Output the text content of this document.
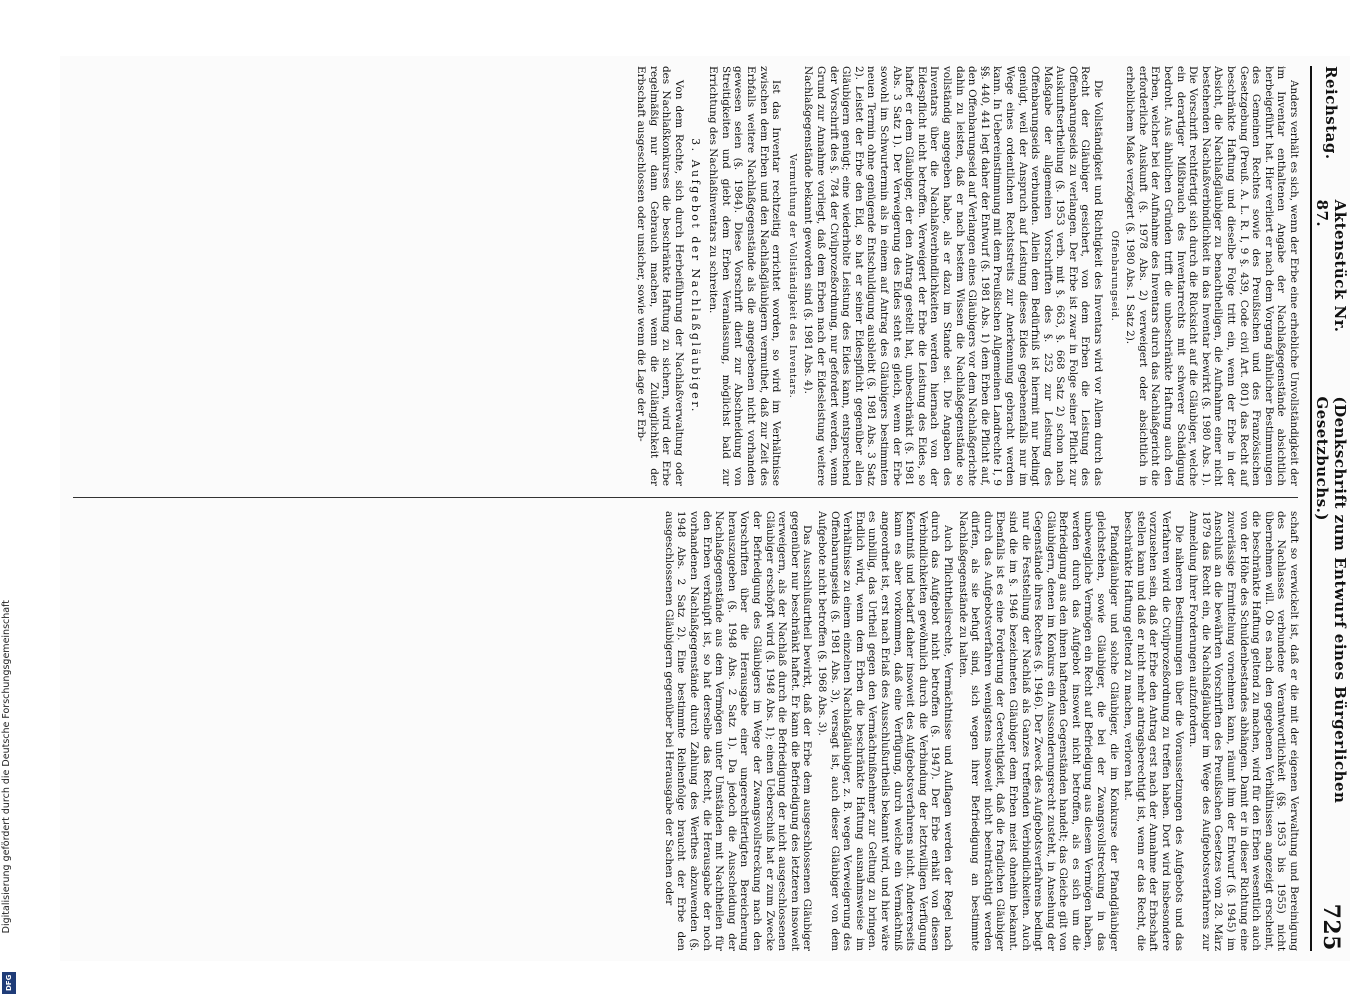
Digitalisierung gefördert durch die Deutsche Forschungsgemeinschaft
DFG
Reichstag.
Aktenstück Nr. 87.
(Denkschrift zum Entwurf eines Bürgerlichen Gesetzbuchs.)
725

Anders verhält es sich, wenn der Erbe eine erhebliche Unvollständigkeit der im Inventar enthaltenen Angabe der Nachlaßgegenstände absichtlich herbeigeführt hat. Hier verliert er nach dem Vorgang ähnlicher Bestimmungen des Gemeinen Rechtes sowie des Preußischen und des Französischen Gesetzgebung (Preuß. A. L. R. I, 9 §. 439, Code civil Art. 801) das Recht auf beschränkte Haftung und dieselbe Folge tritt ein, wenn der Erbe in der Absicht, die Nachlaßgläubiger zu benachtheiligen, die Aufnahme einer nicht bestehenden Nachlaßverbindlichkeit in das Inventar bewirkt (§. 1980 Abs. 1). Die Vorschrift rechtfertigt sich durch die Rücksicht auf die Gläubiger, welche ein derartiger Mißbrauch des Inventarrechts mit schwerer Schädigung bedroht. Aus ähnlichen Gründen trifft die unbeschränkte Haftung auch den Erben, welcher bei der Aufnahme des Inventars durch das Nachlaßgericht die erforderliche Auskunft (§. 1978 Abs. 2) verweigert oder absichtlich in erheblichem Maße verzögert (§. 1980 Abs. 1 Satz 2).

Offenbarungseid.

Die Vollständigkeit und Richtigkeit des Inventars wird vor Allem durch das Recht der Gläubiger gesichert, von dem Erben die Leistung des Offenbarungseids zu verlangen. Der Erbe ist zwar in Folge seiner Pflicht zur Auskunftsertheilung (§. 1953 verb. mit §. 663, §. 668 Satz 2) schon nach Maßgabe der allgemeinen Vorschriften des §. 252 zur Leistung des Offenbarungseids verbunden. Allein dem Bedürfniß ist hiermit nur bedingt genügt, weil der Anspruch auf Leistung dieses Eides gegebenenfalls nur im Wege eines ordentlichen Rechtsstreits zur Anerkennung gebracht werden kann. In Uebereinstimmung mit dem Preußischen Allgemeinen Landrechte I, 9 §§. 440, 441 legt daher der Entwurf (§. 1981 Abs. 1) dem Erben die Pflicht auf, den Offenbarungseid auf Verlangen eines Gläubigers vor dem Nachlaßgerichte dahin zu leisten, daß er nach bestem Wissen die Nachlaßgegenstände so vollständig angegeben habe, als er dazu im Stande sei. Die Angaben des Inventars über die Nachlaßverbindlichkeiten werden hiernach von der Eidespflicht nicht betroffen. Verweigert der Erbe die Leistung des Eides, so haftet er dem Gläubiger, der den Antrag gestellt hat, unbeschränkt (§. 1981 Abs. 3 Satz 1). Der Verweigerung des Eides steht es gleich, wenn der Erbe sowohl im Schwurtermin als in einem auf Antrag des Gläubigers bestimmten neuen Termin ohne genügende Entschuldigung ausbleibt (§. 1981 Abs. 3 Satz 2). Leistet der Erbe den Eid, so hat er seiner Eidespflicht gegenüber allen Gläubigern genügt; eine wiederholte Leistung des Eides kann, entsprechend der Vorschrift des §. 784 der Civilprozeßordnung, nur gefordert werden, wenn Grund zur Annahme vorliegt, daß dem Erben nach der Eidesleistung weitere Nachlaßgegenstände bekannt geworden sind (§. 1981 Abs. 4).

Vermuthung der Vollständigkeit des Inventars.

Ist das Inventar rechtzeitig errichtet worden, so wird im Verhältnisse zwischen dem Erben und den Nachlaßgläubigern vermuthet, daß zur Zeit des Erbfalls weitere Nachlaßgegenstände als die angegebenen nicht vorhanden gewesen seien (§. 1984). Diese Vorschrift dient zur Abschneidung von Streitigkeiten und giebt dem Erben Veranlassung, möglichst bald zur Errichtung des Nachlaßinventars zu schreiten.

3. Aufgebot der Nachlaßgläubiger.

Von dem Rechte, sich durch Herbeiführung der Nachlaßverwaltung oder des Nachlaßkonkurses die beschränkte Haftung zu sichern, wird der Erbe regelmäßig nur dann Gebrauch machen, wenn die Zulänglichkeit der Erbschaft ausgeschlossen oder unsicher, sowie wenn die Lage der Erb-

schaft so verwickelt ist, daß er die mit der eigenen Verwaltung und Bereinigung des Nachlasses verbundene Verantwortlichkeit (§§. 1953 bis 1955) nicht übernehmen will. Ob es nach den gegebenen Verhältnissen angezeigt erscheint, die beschränkte Haftung geltend zu machen, wird für den Erben wesentlich auch von der Höhe des Schuldenbestandes abhängen. Damit er in dieser Richtung eine zuverlässige Ermittelung vornehmen kann, räumt ihm der Entwurf (§. 1945) im Anschluß an die bewährten Vorschriften des Preußischen Gesetzes vom 28. März 1879 das Recht ein, die Nachlaßgläubiger im Wege des Aufgebotsverfahrens zur Anmeldung ihrer Forderungen aufzufordern.

Die näheren Bestimmungen über die Voraussetzungen des Aufgebots und das Verfahren wird die Civilprozeßordnung zu treffen haben. Dort wird insbesondere vorzusehen sein, daß der Erbe den Antrag erst nach der Annahme der Erbschaft stellen kann und daß er nicht mehr antragsberechtigt ist, wenn er das Recht, die beschränkte Haftung geltend zu machen, verloren hat.

Pfandgläubiger und solche Gläubiger, die im Konkurse der Pfandgläubiger gleichstehen, sowie Gläubiger, die bei der Zwangsvollstreckung in das unbewegliche Vermögen ein Recht auf Befriedigung aus diesem Vermögen haben, werden durch das Aufgebot insoweit nicht betroffen, als es sich um die Befriedigung aus den ihnen haftenden Gegenständen handelt; das Gleiche gilt von Gläubigern, denen im Konkurs ein Aussonderungsrecht zusteht, in Ansehung der Gegenstände ihres Rechtes (§. 1946). Der Zweck des Aufgebotsverfahrens bedingt nur die Feststellung der Nachlaß als Ganzes treffenden Verbindlichkeiten. Auch sind die im §. 1946 bezeichneten Gläubiger dem Erben meist ohnehin bekannt. Ebenfalls ist es eine Forderung der Gerechtigkeit, daß die fraglichen Gläubiger durch das Aufgebotsverfahren wenigstens insoweit nicht beeinträchtigt werden dürfen, als sie befugt sind, sich wegen ihrer Befriedigung an bestimmte Nachlaßgegenstände zu halten.

Auch Pflichttheilsrechte, Vermächtnisse und Auflagen werden der Regel nach durch das Aufgebot nicht betroffen (§. 1947). Der Erbe erhält von diesen Verbindlichkeiten gewöhnlich durch die Verbindung der letztwilligen Verfügung Kenntniß und bedarf daher insoweit des Aufgebotsverfahrens nicht. Andererseits kann es aber vorkommen, daß eine Verfügung, durch welche ein Vermächtniß angeordnet ist, erst nach Erlaß des Ausschlußurtheils bekannt wird, und hier wäre es unbillig, das Urtheil gegen den Vermächtnißnehmer zur Geltung zu bringen. Endlich wird, wenn dem Erben die beschränkte Haftung ausnahmsweise im Verhältnisse zu einem einzelnen Nachlaßgläubiger, z. B. wegen Verweigerung des Offenbarungseids (§. 1981 Abs. 3), versagt ist, auch dieser Gläubiger von dem Aufgebote nicht betroffen (§. 1968 Abs. 3).

Das Ausschlußurtheil bewirkt, daß der Erbe dem ausgeschlossenen Gläubiger gegenüber nur beschränkt haftet. Er kann die Befriedigung des letzteren insoweit verweigern, als der Nachlaß durch die Befriedigung der nicht ausgeschlossenen Gläubiger erschöpft wird (§. 1948 Abs. 1); einen Ueberschuß hat er zum Zwecke der Befriedigung des Gläubigers im Wege der Zwangsvollstreckung nach den Vorschriften über die Herausgabe einer ungerechtfertigten Bereicherung herauszugeben (§. 1948 Abs. 2 Satz 1). Da jedoch die Ausscheidung der Nachlaßgegenstände aus dem Vermögen unter Umständen mit Nachtheilen für den Erben verknüpft ist, so hat derselbe das Recht, die Herausgabe der noch vorhandenen Nachlaßgegenstände durch Zahlung des Werthes abzuwenden (§. 1948 Abs. 2 Satz 2). Eine bestimmte Reihenfolge braucht der Erbe den ausgeschlossenen Gläubigern gegenüber bei Herausgabe der Sachen oder
